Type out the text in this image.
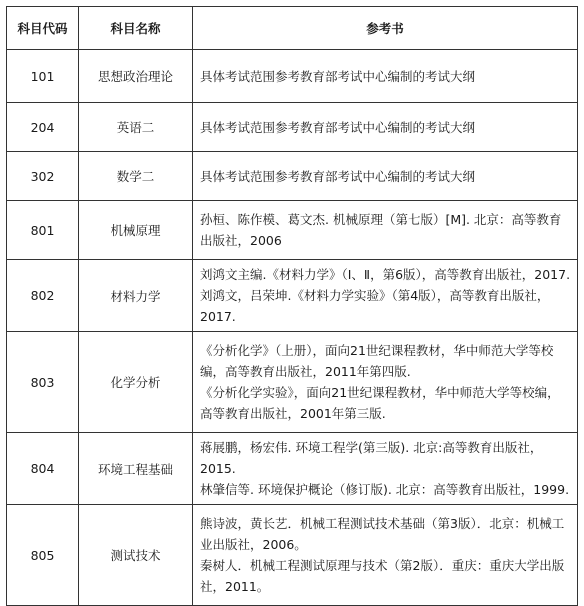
科目代码	科目名称	参考书
101	思想政治理论	具体考试范围参考教育部考试中心编制的考试大纲

204	英语二	具体考试范围参考教育部考试中心编制的考试大纲

302	数学二	具体考试范围参考教育部考试中心编制的考试大纲

801	机械原理	孙桓、陈作模、葛文杰. 机械原理（第七版）[M]. 北京：高等教育出版社，2006

802	材料力学	刘鸿文主编.《材料力学》（Ⅰ、Ⅱ，第6版），高等教育出版社，2017.
刘鸿文，吕荣坤.《材料力学实验》（第4版），高等教育出版社，2017.

803	化学分析	《分析化学》（上册），面向21世纪课程教材，华中师范大学等校编，高等教育出版社，2011年第四版.
《分析化学实验》，面向21世纪课程教材，华中师范大学等校编，高等教育出版社，2001年第三版.

804	环境工程基础	蒋展鹏，杨宏伟. 环境工程学(第三版). 北京:高等教育出版社，2015.
林肇信等. 环境保护概论（修订版). 北京：高等教育出版社，1999.

805	测试技术	熊诗波，黄长艺．机械工程测试技术基础（第3版）．北京：机械工业出版社，2006。
秦树人．机械工程测试原理与技术（第2版）．重庆：重庆大学出版社，2011。
